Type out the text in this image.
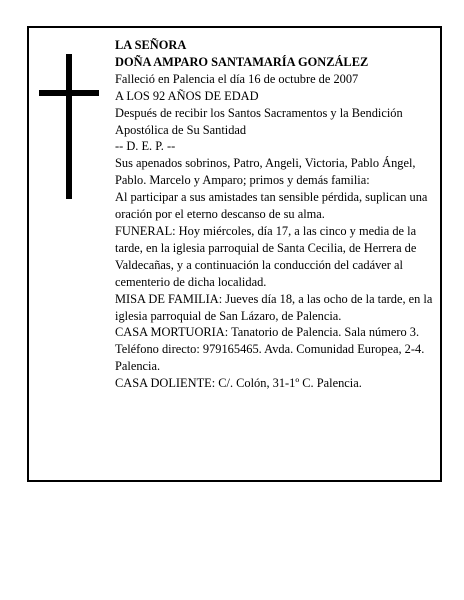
LA SEÑORA

DOÑA AMPARO SANTAMARÍA GONZÁLEZ

Falleció en Palencia el día 16 de octubre de 2007

A LOS 92 AÑOS DE EDAD

Después de recibir los Santos Sacramentos y la Bendición Apostólica de Su Santidad

-- D. E. P. --

Sus apenados sobrinos, Patro, Angeli, Victoria, Pablo Ángel, Pablo. Marcelo y Amparo; primos y demás familia:

Al participar a sus amistades tan sensible pérdida, suplican una oración por el eterno descanso de su alma.

FUNERAL: Hoy miércoles, día 17, a las cinco y media de la tarde, en la iglesia parroquial de Santa Cecilia, de Herrera de Valdecañas, y a continuación la conducción del cadáver al cementerio de dicha localidad.

MISA DE FAMILIA: Jueves día 18, a las ocho de la tarde, en la iglesia parroquial de San Lázaro, de Palencia.

CASA MORTUORIA: Tanatorio de Palencia. Sala número 3. Teléfono directo: 979165465. Avda. Comunidad Europea, 2-4. Palencia.

CASA DOLIENTE: C/. Colón, 31-1º C. Palencia.
